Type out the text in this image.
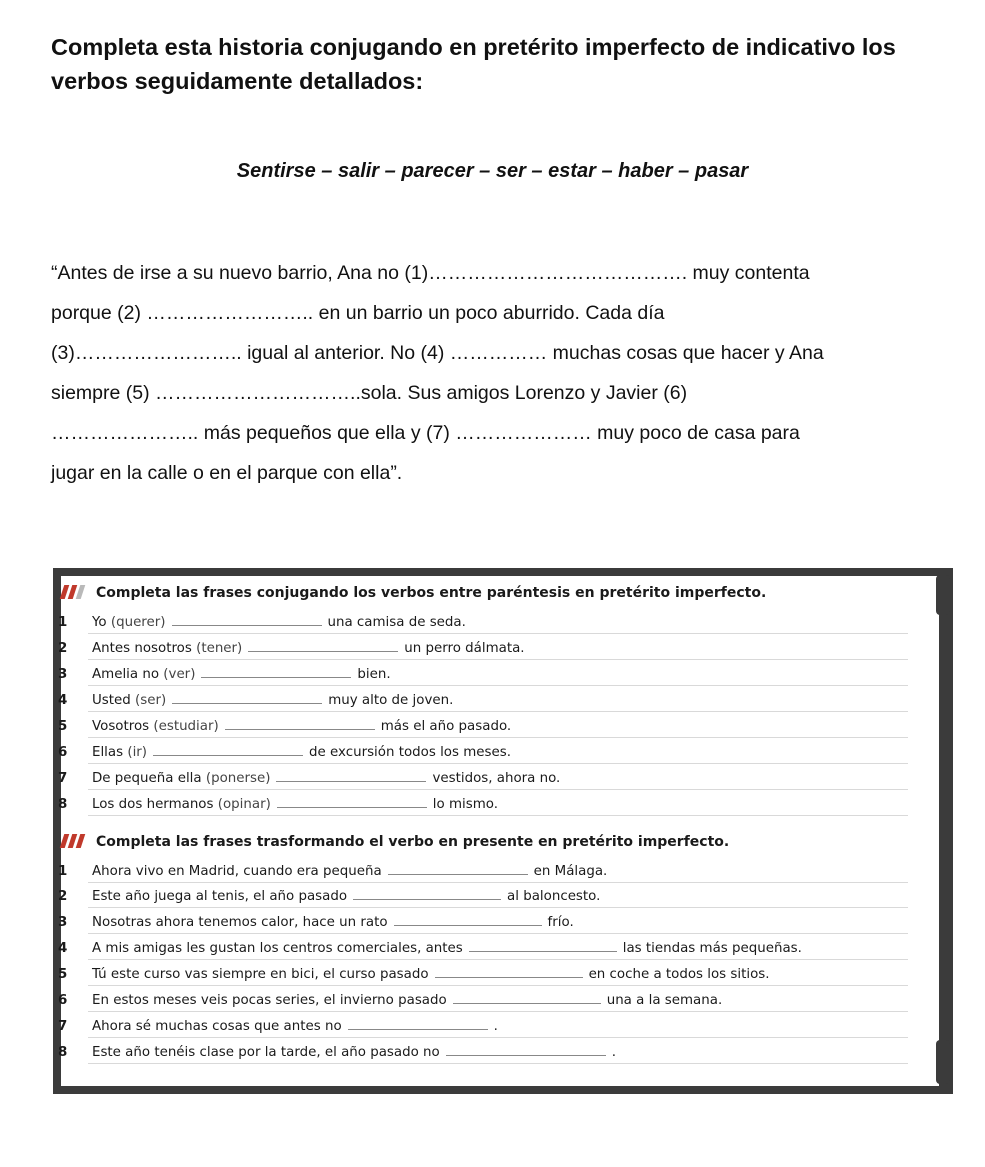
Completa esta historia conjugando en pretérito imperfecto de indicativo los verbos seguidamente detallados:
Sentirse – salir – parecer – ser – estar – haber – pasar
“Antes de irse a su nuevo barrio, Ana no (1)…………………………………. muy contenta
porque (2) …………………….. en un barrio un poco aburrido. Cada día
(3)…………………….. igual al anterior. No (4) …………… muchas cosas que hacer y Ana
siempre (5) …………………………..sola. Sus amigos Lorenzo y Javier (6)
………………….. más pequeños que ella y (7) ………………… muy poco de casa para
jugar en la calle o en el parque con ella”.
Completa las frases conjugando los verbos entre paréntesis en pretérito imperfecto.
1 Yo (querer)	una camisa de seda.
2 Antes nosotros (tener)	un perro dálmata.
3 Amelia no (ver)	bien.
4 Usted (ser)	muy alto de joven.
5 Vosotros (estudiar)	más el año pasado.
6 Ellas (ir)	de excursión todos los meses.
7 De pequeña ella (ponerse)	vestidos, ahora no.
8 Los dos hermanos (opinar)	lo mismo.
Completa las frases trasformando el verbo en presente en pretérito imperfecto.
1 Ahora vivo en Madrid, cuando era pequeña	en Málaga.
2 Este año juega al tenis, el año pasado	al baloncesto.
3 Nosotras ahora tenemos calor, hace un rato	frío.
4 A mis amigas les gustan los centros comerciales, antes	las tiendas más pequeñas.
5 Tú este curso vas siempre en bici, el curso pasado	en coche a todos los sitios.
6 En estos meses veis pocas series, el invierno pasado	una a la semana.
7 Ahora sé muchas cosas que antes no	.
8 Este año tenéis clase por la tarde, el año pasado no	.
